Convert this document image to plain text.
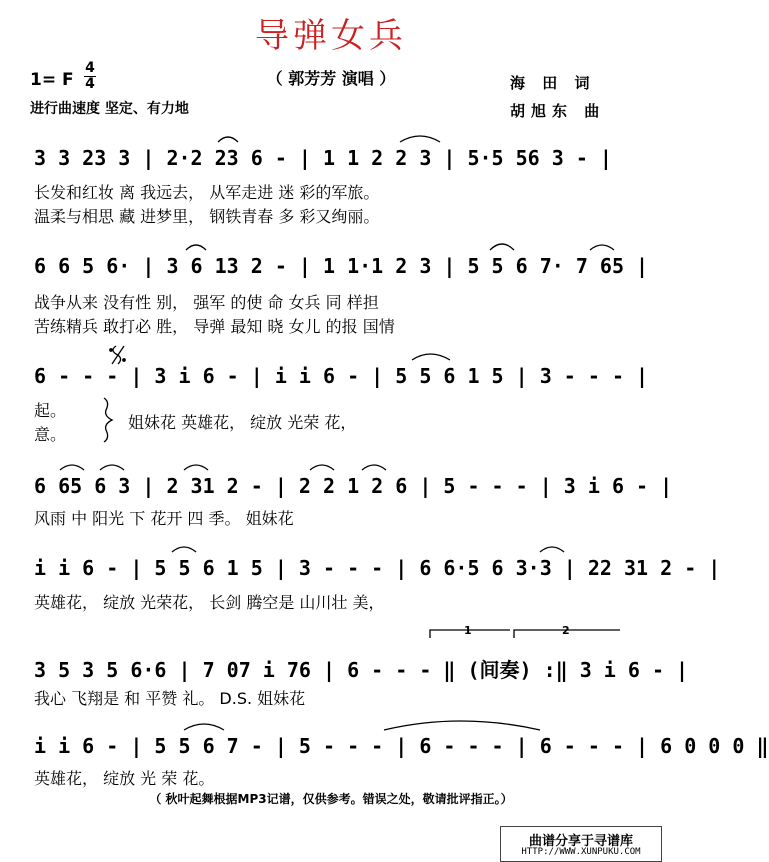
导弹女兵
（ 郭芳芳 演唱 ）
1= F
4
4
进行曲速度 坚定、有力地
海 田 词
胡旭东 曲
3 3 23 3 | 2·2 23 6 - | 1 1 2 2 3 | 5·5 56 3 - |
长发和红妆 离 我远去， 从军走进 迷 彩的军旅。
温柔与相思 藏 进梦里， 钢铁青春 多 彩又绚丽。
6 6 5 6· | 3 6 13 2 - | 1 1·1 2 3 | 5 5 6 7· 7 65 |
战争从来 没有性 别， 强军 的使 命 女兵 同 样担
苦练精兵 敢打必 胜， 导弹 最知 晓 女儿 的报 国情
6 - - - | 3 i 6 - | i i 6 - | 5 5 6 1 5 | 3 - - - |
起。
意。
姐妹花 英雄花， 绽放 光荣 花，
6 65 6 3 | 2 31 2 - | 2 2 1 2 6 | 5 - - - | 3 i 6 - |
风雨 中 阳光 下 花开 四 季。 姐妹花
i i 6 - | 5 5 6 1 5 | 3 - - - | 6 6·5 6 3·3 | 22 31 2 - |
英雄花， 绽放 光荣花， 长剑 腾空是 山川壮 美，
3 5 3 5 6·6 | 7 07 i 76 | 6 - - - ‖ (间奏) :‖ 3 i 6 - |
我心 飞翔是 和 平赞 礼。 D.S. 姐妹花
1	2
i i 6 - | 5 5 6 7 - | 5 - - - | 6 - - - | 6 - - - | 6 0 0 0 ‖
英雄花， 绽放 光 荣 花。
（ 秋叶起舞根据MP3记谱，仅供参考。错误之处，敬请批评指正。）
曲谱分享于寻谱库
HTTP://WWW.XUNPUKU.COM
